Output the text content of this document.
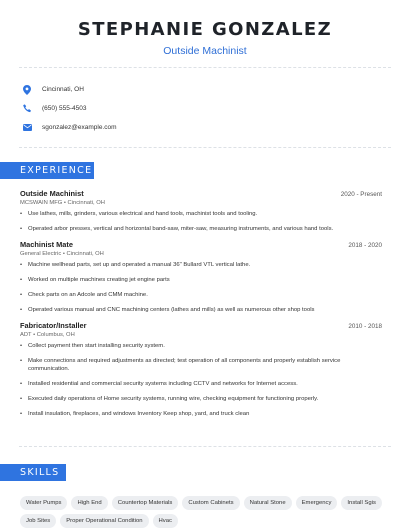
STEPHANIE GONZALEZ
Outside Machinist
Cincinnati, OH
(650) 555-4503
sgonzalez@example.com
EXPERIENCE
Outside Machinist	2020 - Present
MCSWAIN MFG • Cincinnati, OH
•	Use lathes, mills, grinders, various electrical and hand tools, machinist tools and tooling.
•	Operated arbor presses, vertical and horizontal band-saw, miter-saw, measuring instruments, and various hand tools.
Machinist Mate	2018 - 2020
General Electric • Cincinnati, OH
•	Machine wellhead parts, set up and operated a manual 36" Bullard VTL vertical lathe.
•	Worked on multiple machines creating jet engine parts
•	Check parts on an Adcole and CMM machine.
•	Operated various manual and CNC machining centers (lathes and mills) as well as numerous other shop tools
Fabricator/Installer	2010 - 2018
ADT • Columbus, OH
•	Collect payment then start installing security system.
•	Make connections and required adjustments as directed; test operation of all components and properly establish service communication.
•	Installed residential and commercial security systems including CCTV and networks for Internet access.
•	Executed daily operations of Home security systems, running wire, checking equipment for functioning properly.
•	Install insulation, fireplaces, and windows Inventory Keep shop, yard, and truck clean
SKILLS
Water Pumps	High End	Countertop Materials	Custom Cabinets	Natural Stone	Emergency	Install Sgis
Job Sites	Proper Operational Condition	Hvac
